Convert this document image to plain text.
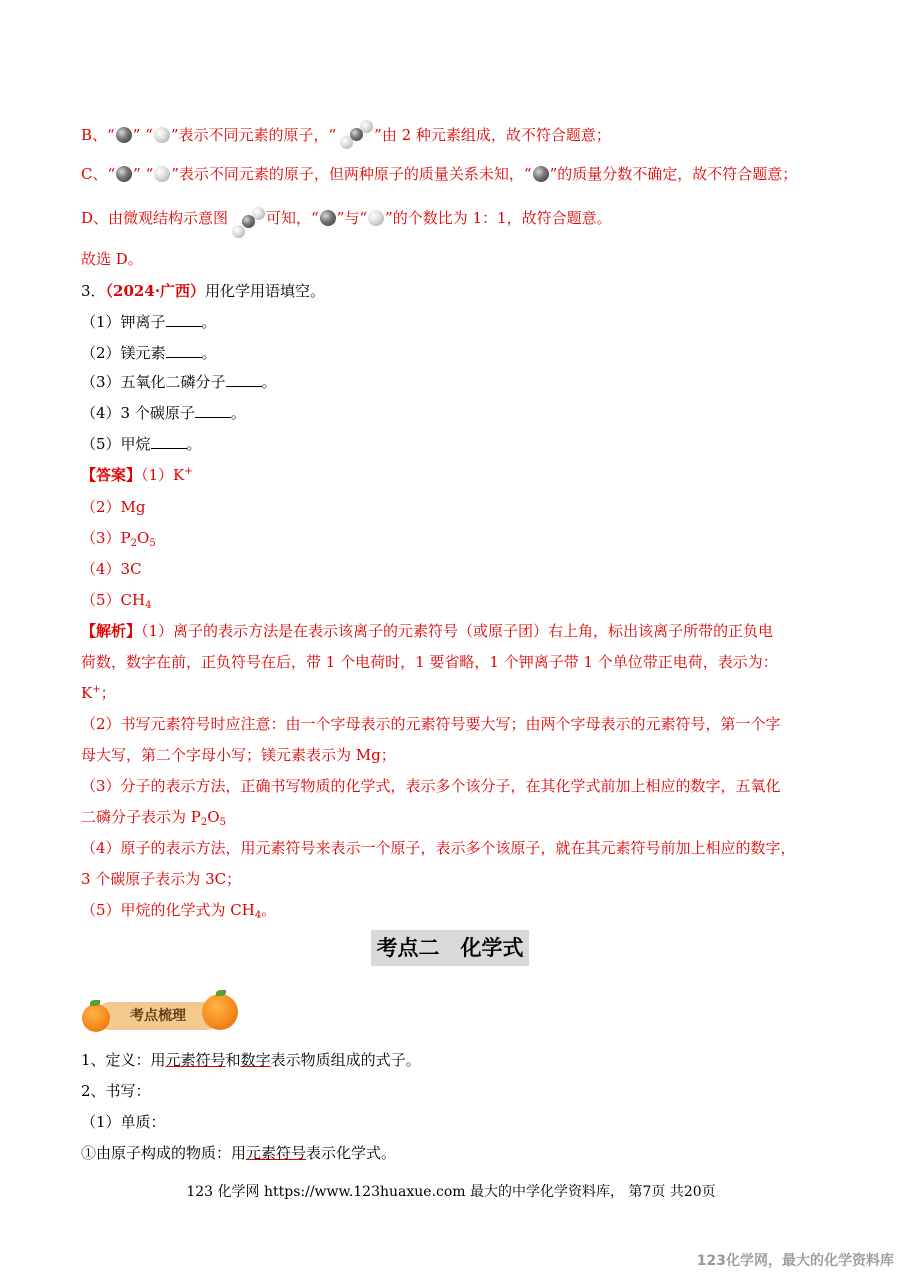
B、“ ” “ ”表示不同元素的原子，“	”由 2 种元素组成，故不符合题意；
C、“ ” “ ”表示不同元素的原子，但两种原子的质量关系未知，“ ”的质量分数不确定，故不符合题意；
D、由微观结构示意图	可知，“ ”与“ ”的个数比为 1：1，故符合题意。
故选 D。
3．（2024·广西）用化学用语填空。
（1）钾离子 。
（2）镁元素 。
（3）五氧化二磷分子 。
（4）3 个碳原子 。
（5）甲烷 。
【答案】（1）K+
（2）Mg
$(3)P_2O_5$
（4）3C
$(5)CH_4$
【解析】（1）离子的表示方法是在表示该离子的元素符号（或原子团）右上角，标出该离子所带的正负电
荷数，数字在前，正负符号在后，带 1 个电荷时，1 要省略，1 个钾离子带 1 个单位带正电荷，表示为：
K+；
（2）书写元素符号时应注意：由一个字母表示的元素符号要大写；由两个字母表示的元素符号，第一个字
母大写，第二个字母小写；镁元素表示为 Mg；
（3）分子的表示方法，正确书写物质的化学式，表示多个该分子，在其化学式前加上相应的数字，五氧化
二磷分子表示为 $P_2O_5$
（4）原子的表示方法，用元素符号来表示一个原子，表示多个该原子，就在其元素符号前加上相应的数字，
3 个碳原子表示为 3C；
（5）甲烷的化学式为 $CH_4$。
考点二　化学式
考点梳理
1、定义：用元素符号和数字表示物质组成的式子。
2、书写：
（1）单质：
①由原子构成的物质：用元素符号表示化学式。
123 化学网 https://www.123huaxue.com 最大的中学化学资料库， 第7页 共20页
123化学网，最大的化学资料库
